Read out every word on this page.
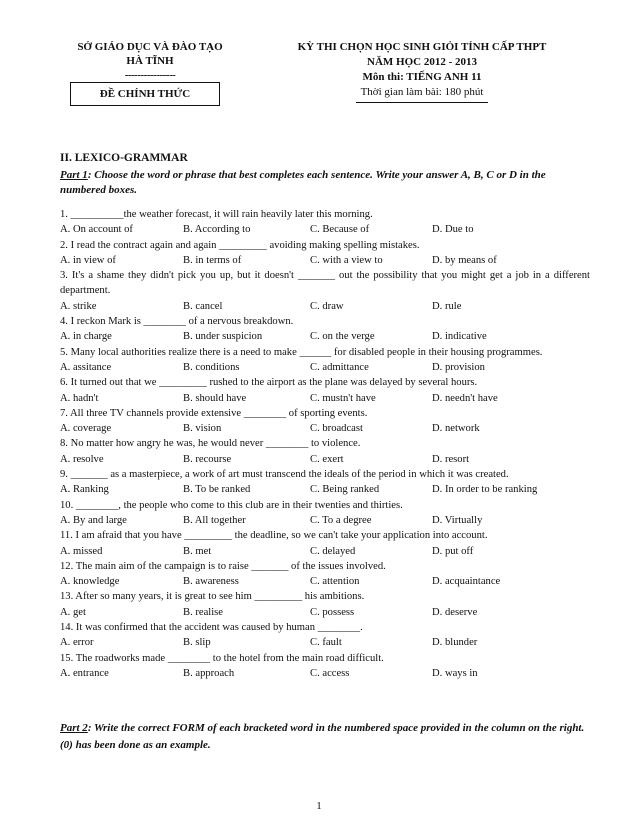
SỞ GIÁO DỤC VÀ ĐÀO TẠO
HÀ TĨNH
----------------
ĐỀ CHÍNH THỨC
KỲ THI CHỌN HỌC SINH GIỎI TỈNH CẤP THPT
NĂM HỌC 2012 - 2013
Môn thi: TIẾNG ANH 11
Thời gian làm bài: 180 phút
II. LEXICO-GRAMMAR
Part 1: Choose the word or phrase that best completes each sentence. Write your answer A, B, C or D in the numbered boxes.
1. __________the weather forecast, it will rain heavily later this morning.
A. On account of	B. According to	C. Because of	D. Due to
2. I read the contract again and again _________ avoiding making spelling mistakes.
A. in view of	B. in terms of	C. with a view to	D. by means of
3. It's a shame they didn't pick you up, but it doesn't _______ out the possibility that you might get a job in a different department.
A. strike	B. cancel	C. draw	D. rule
4. I reckon Mark is ________ of a nervous breakdown.
A. in charge	B. under suspicion	C. on the verge	D. indicative
5. Many local authorities realize there is a need to make ______ for disabled people in their housing programmes.
A. assitance	B. conditions	C. admittance	D. provision
6. It turned out that we _________ rushed to the airport as the plane was delayed by several hours.
A. hadn't	B. should have	C. mustn't have	D. needn't have
7. All three TV channels provide extensive ________ of sporting events.
A. coverage	B. vision	C. broadcast	D. network
8. No matter how angry he was, he would never ________ to violence.
A. resolve	B. recourse	C. exert	D. resort
9. _______ as a masterpiece, a work of art must transcend the ideals of the period in which it was created.
A. Ranking	B. To be ranked	C. Being ranked	D. In order to be ranking
10. ________, the people who come to this club are in their twenties and thirties.
A. By and large	B. All together	C. To a degree	D. Virtually
11. I am afraid that you have _________ the deadline, so we can't take your application into account.
A. missed	B. met	C. delayed	D. put off
12. The main aim of the campaign is to raise _______ of the issues involved.
A. knowledge	B. awareness	C. attention	D. acquaintance
13. After so many years, it is great to see him _________ his ambitions.
A. get	B. realise	C. possess	D. deserve
14. It was confirmed that the accident was caused by human ________.
A. error	B. slip	C. fault	D. blunder
15. The roadworks made ________ to the hotel from the main road difficult.
A. entrance	B. approach	C. access	D. ways in
Part 2: Write the correct FORM of each bracketed word in the numbered space provided in the column on the right. (0) has been done as an example.
1
